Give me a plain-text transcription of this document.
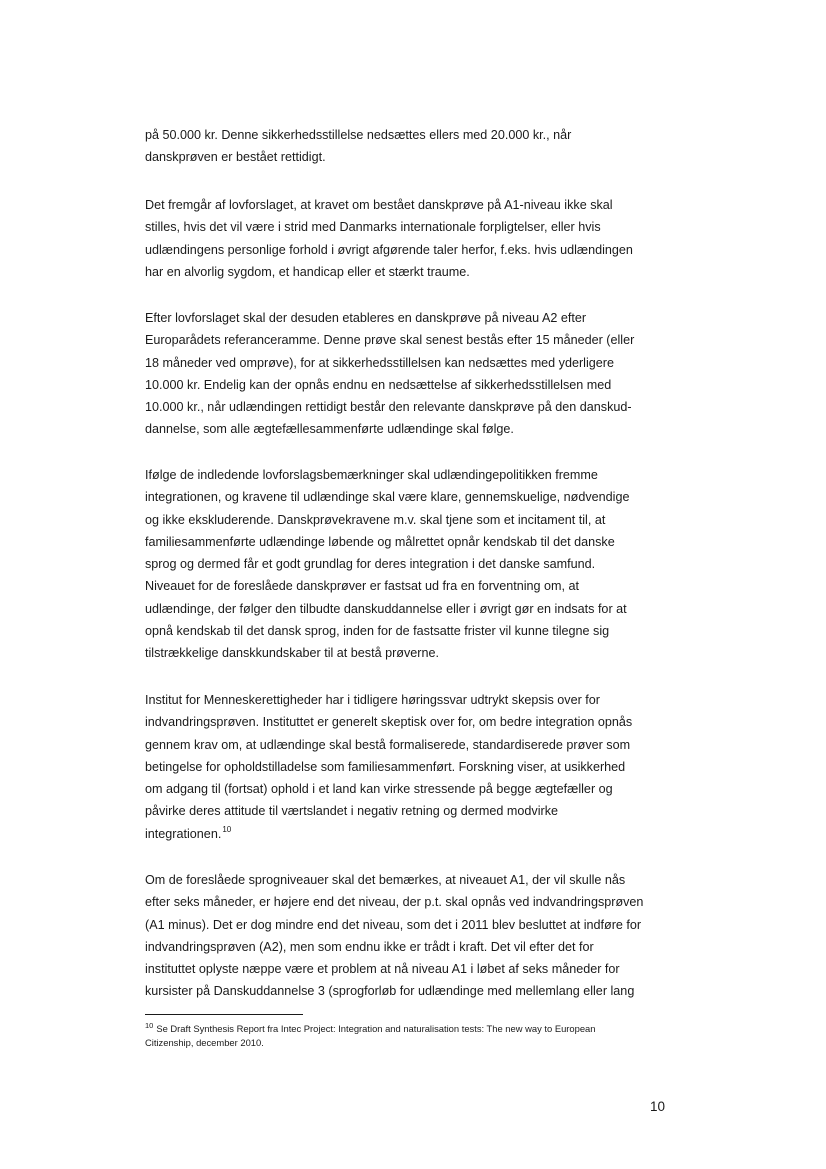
på 50.000 kr. Denne sikkerhedsstillelse nedsættes ellers med 20.000 kr., når
danskprøven er bestået rettidigt.

Det fremgår af lovforslaget, at kravet om bestået danskprøve på A1-niveau ikke skal
stilles, hvis det vil være i strid med Danmarks internationale forpligtelser, eller hvis
udlændingens personlige forhold i øvrigt afgørende taler herfor, f.eks. hvis udlændingen
har en alvorlig sygdom, et handicap eller et stærkt traume.

Efter lovforslaget skal der desuden etableres en danskprøve på niveau A2 efter
Europarådets referanceramme. Denne prøve skal senest bestås efter 15 måneder (eller
18 måneder ved omprøve), for at sikkerhedsstillelsen kan nedsættes med yderligere
10.000 kr. Endelig kan der opnås endnu en nedsættelse af sikkerhedsstillelsen med
10.000 kr., når udlændingen rettidigt består den relevante danskprøve på den danskud-
dannelse, som alle ægtefællesammenførte udlændinge skal følge.

Ifølge de indledende lovforslagsbemærkninger skal udlændingepolitikken fremme
integrationen, og kravene til udlændinge skal være klare, gennemskuelige, nødvendige
og ikke ekskluderende. Danskprøvekravene m.v. skal tjene som et incitament til, at
familiesammenførte udlændinge løbende og målrettet opnår kendskab til det danske
sprog og dermed får et godt grundlag for deres integration i det danske samfund.
Niveauet for de foreslåede danskprøver er fastsat ud fra en forventning om, at
udlændinge, der følger den tilbudte danskuddannelse eller i øvrigt gør en indsats for at
opnå kendskab til det dansk sprog, inden for de fastsatte frister vil kunne tilegne sig
tilstrækkelige danskkundskaber til at bestå prøverne.

Institut for Menneskerettigheder har i tidligere høringssvar udtrykt skepsis over for
indvandringsprøven. Instituttet er generelt skeptisk over for, om bedre integration opnås
gennem krav om, at udlændinge skal bestå formaliserede, standardiserede prøver som
betingelse for opholdstilladelse som familiesammenført. Forskning viser, at usikkerhed
om adgang til (fortsat) ophold i et land kan virke stressende på begge ægtefæller og
påvirke deres attitude til værtslandet i negativ retning og dermed modvirke
integrationen.$^{10}$

Om de foreslåede sprogniveauer skal det bemærkes, at niveauet A1, der vil skulle nås
efter seks måneder, er højere end det niveau, der p.t. skal opnås ved indvandringsprøven
(A1 minus). Det er dog mindre end det niveau, som det i 2011 blev besluttet at indføre for
indvandringsprøven (A2), men som endnu ikke er trådt i kraft. Det vil efter det for
instituttet oplyste næppe være et problem at nå niveau A1 i løbet af seks måneder for
kursister på Danskuddannelse 3 (sprogforløb for udlændinge med mellemlang eller lang

$^{10}$ Se Draft Synthesis Report fra Intec Project: Integration and naturalisation tests: The new way to European
Citizenship, december 2010.

10
